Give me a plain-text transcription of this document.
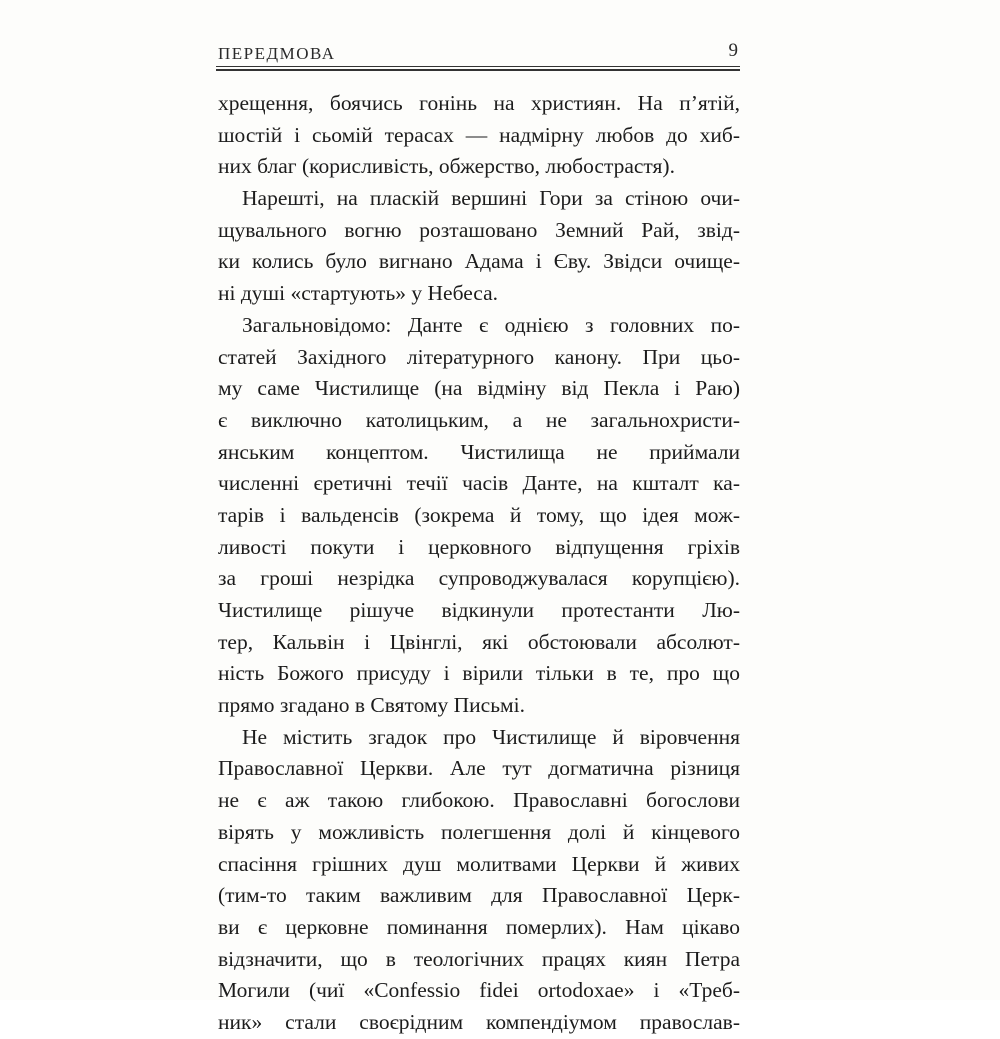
ПЕРЕДМОВА	9
хрещення, боячись гонінь на християн. На п’ятій,
шостій і сьомій терасах — надмірну любов до хиб-
них благ (корисливість, обжерство, любострастя).
Нарешті, на пласкій вершині Гори за стіною очи-
щувального вогню розташовано Земний Рай, звід-
ки колись було вигнано Адама і Єву. Звідси очище-
ні душі «стартують» у Небеса.
Загальновідомо: Данте є однією з головних по-
статей Західного літературного канону. При цьо-
му саме Чистилище (на відміну від Пекла і Раю)
є виключно католицьким, а не загальнохристи-
янським концептом. Чистилища не приймали
численні єретичні течії часів Данте, на кшталт ка-
тарів і вальденсів (зокрема й тому, що ідея мож-
ливості покути і церковного відпущення гріхів
за гроші незрідка супроводжувалася корупцією).
Чистилище рішуче відкинули протестанти Лю-
тер, Кальвін і Цвінглі, які обстоювали абсолют-
ність Божого присуду і вірили тільки в те, про що
прямо згадано в Святому Письмі.
Не містить згадок про Чистилище й віровчення
Православної Церкви. Але тут догматична різниця
не є аж такою глибокою. Православні богослови
вірять у можливість полегшення долі й кінцевого
спасіння грішних душ молитвами Церкви й живих
(тим-то таким важливим для Православної Церк-
ви є церковне поминання померлих). Нам цікаво
відзначити, що в теологічних працях киян Петра
Могили (чиї «Confessio fidei ortodoxae» і «Треб-
ник» стали своєрідним компендіумом православ-
